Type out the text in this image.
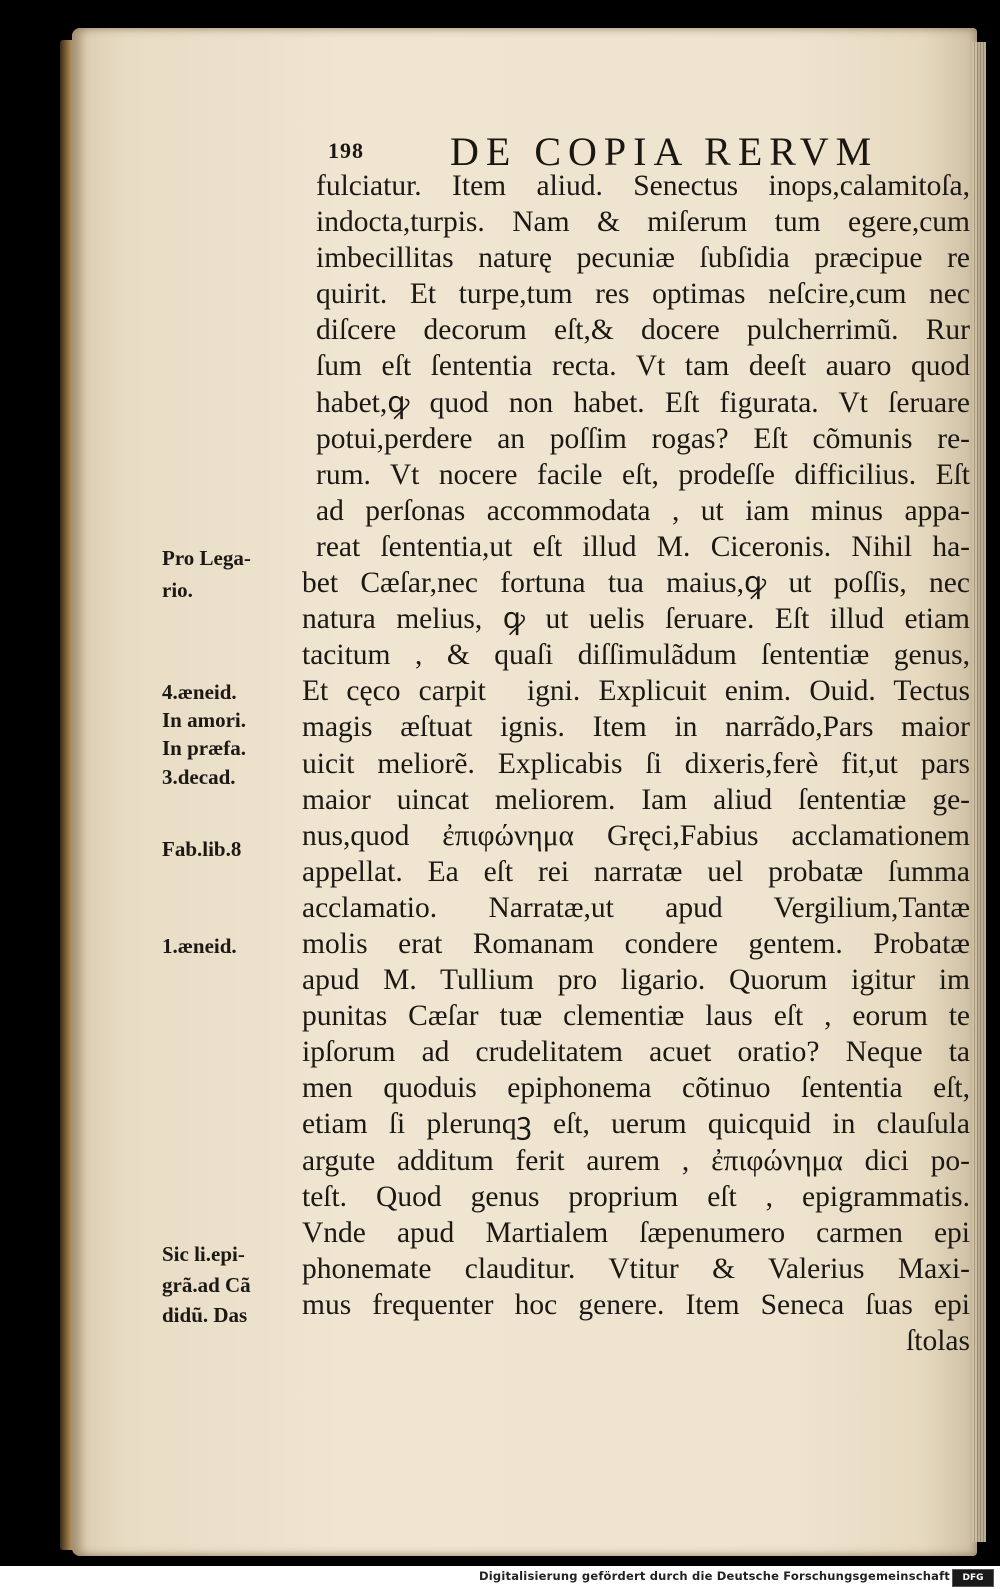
198 DE COPIA RERVM
Pro Lega-
rio.
4.æneid.
In amori.
In præfa.
3.decad.
Fab.lib.8
1.æneid.
Sic li.epi-
grã.ad Cã
didũ. Das
fulciatur. Item aliud. Senectus inops,calamitoſa,
indocta,turpis. Nam & miſerum tum egere,cum
imbecillitas naturę pecuniæ ſubſidia præcipue re
quirit. Et turpe,tum res optimas neſcire,cum nec
diſcere decorum eſt,& docere pulcherrimũ. Rur
ſum eſt ſententia recta. Vt tam deeſt auaro quod
habet,ꝙ quod non habet. Eſt figurata. Vt ſeruare
potui,perdere an poſſim rogas? Eſt cõmunis re-
rum. Vt nocere facile eſt, prodeſſe difficilius. Eſt
ad perſonas accommodata , ut iam minus appa-
reat ſententia,ut eſt illud M. Ciceronis. Nihil ha-
bet Cæſar,nec fortuna tua maius,ꝙ ut poſſis, nec
natura melius, ꝙ ut uelis ſeruare. Eſt illud etiam
tacitum , & quaſi diſſimulãdum ſententiæ genus,
Et cęco carpitᷣ igni. Explicuit enim. Ouid. Tectus
magis æſtuat ignis. Item in narrãdo,Pars maior
uicit meliorẽ. Explicabis ſi dixeris,ferè fit,ut pars
maior uincat meliorem. Iam aliud ſententiæ ge-
nus,quod ἐπιφώνημα Gręci,Fabius acclamationem
appellat. Ea eſt rei narratæ uel probatæ ſumma
acclamatio. Narratæ,ut apud Vergilium,Tantæ
molis erat Romanam condere gentem. Probatæ
apud M. Tullium pro ligario. Quorum igitur im
punitas Cæſar tuæ clementiæ laus eſt , eorum te
ipſorum ad crudelitatem acuet oratio? Neque ta
men quoduis epiphonema cõtinuo ſententia eſt,
etiam ſi plerunqꝫ eſt, uerum quicquid in clauſula
argute additum ferit aurem , ἐπιφώνημα dici po-
teſt. Quod genus proprium eſt , epigrammatis.
Vnde apud Martialem ſæpenumero carmen epi
phonemate clauditur. Vtitur & Valerius Maxi-
mus frequenter hoc genere. Item Seneca ſuas epi
ſtolas
Digitalisierung gefördert durch die Deutsche Forschungsgemeinschaft	DFG
